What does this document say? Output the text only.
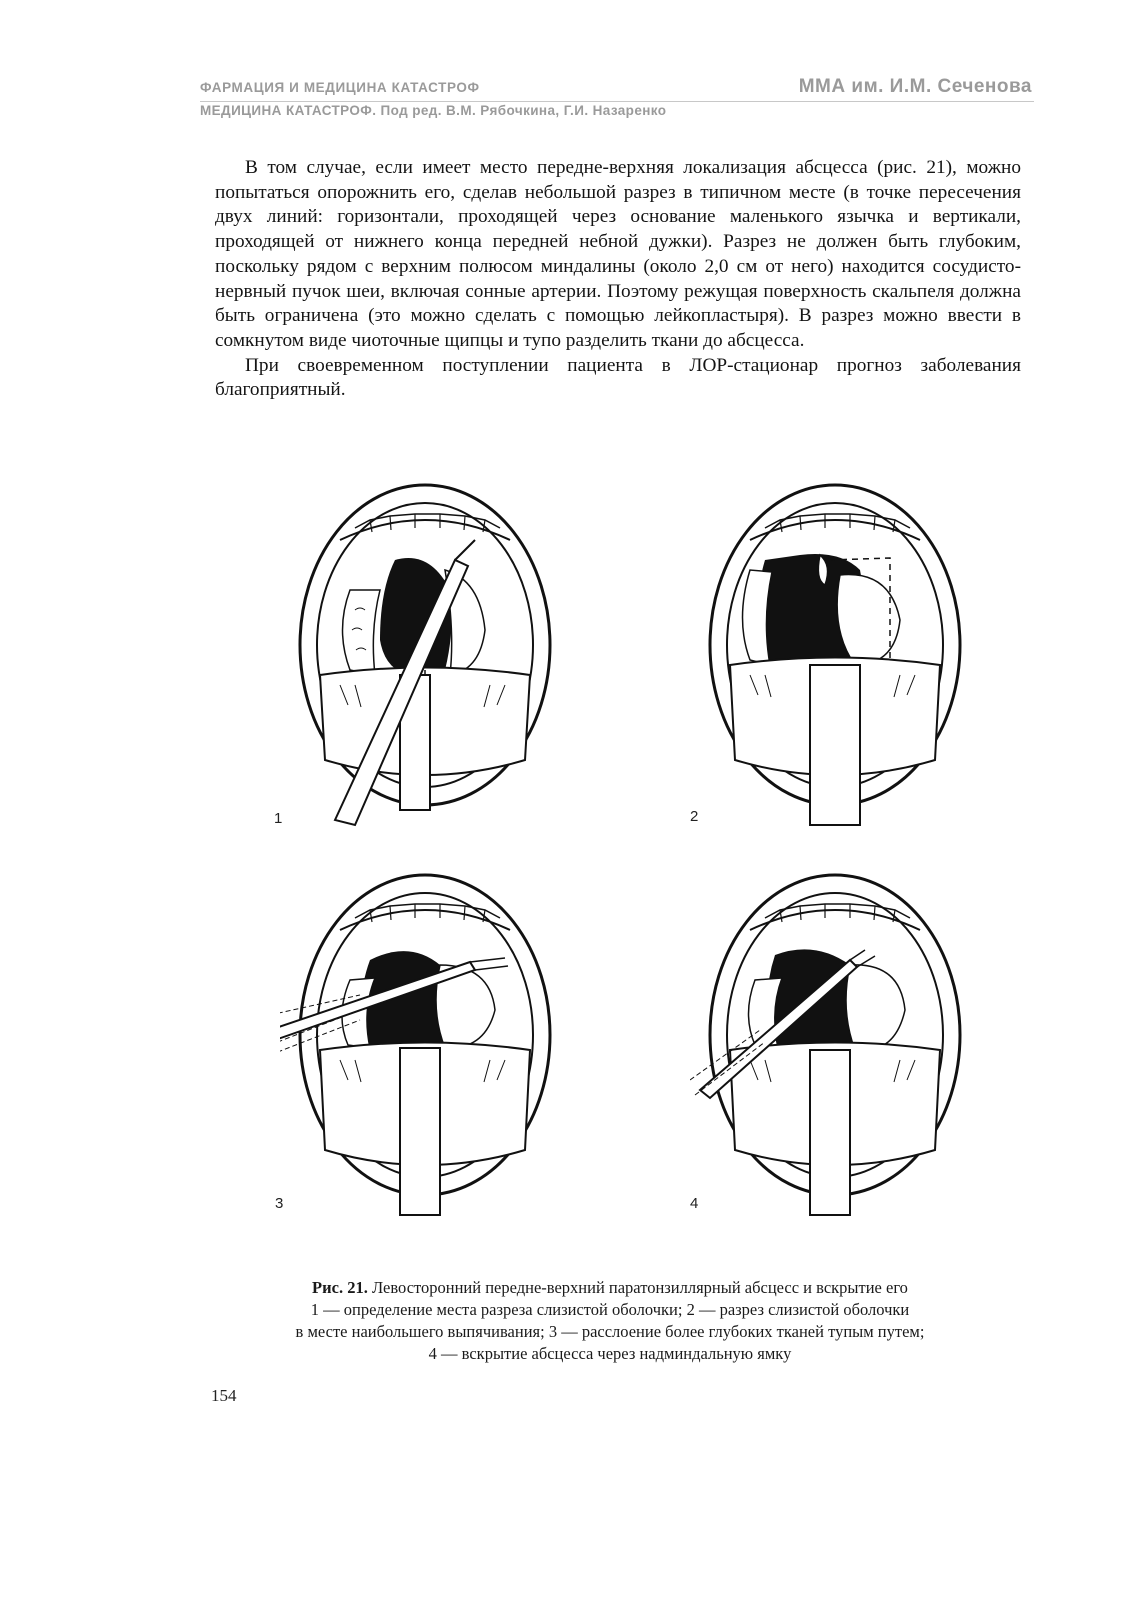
ФАРМАЦИЯ И МЕДИЦИНА КАТАСТРОФ
МЕДИЦИНА КАТАСТРОФ. Под ред. В.М. Рябочкина, Г.И. Назаренко
ММА им. И.М. Сеченова

В том случае, если имеет место передне-верхняя локализация абсцесса (рис. 21), можно попытаться опорожнить его, сделав небольшой разрез в типичном месте (в точке пересечения двух линий: горизонтали, проходящей через основание маленького язычка и вертикали, проходящей от нижнего конца передней небной дужки). Разрез не должен быть глубоким, поскольку рядом с верхним полюсом миндалины (около 2,0 см от него) находится сосудисто-нервный пучок шеи, включая сонные артерии. Поэтому режущая поверхность скальпеля должна быть ограничена (это можно сделать с помощью лейкопластыря). В разрез можно ввести в сомкнутом виде чиоточные щипцы и тупо разделить ткани до абсцесса.

При своевременном поступлении пациента в ЛОР-стационар прогноз заболевания благоприятный.

1	2
3	4
Рис. 21. Левосторонний передне-верхний паратонзиллярный абсцесс и вскрытие его
1 — определение места разреза слизистой оболочки; 2 — разрез слизистой оболочки
в месте наибольшего выпячивания; 3 — расслоение более глубоких тканей тупым путем;
4 — вскрытие абсцесса через надминдальную ямку
154
